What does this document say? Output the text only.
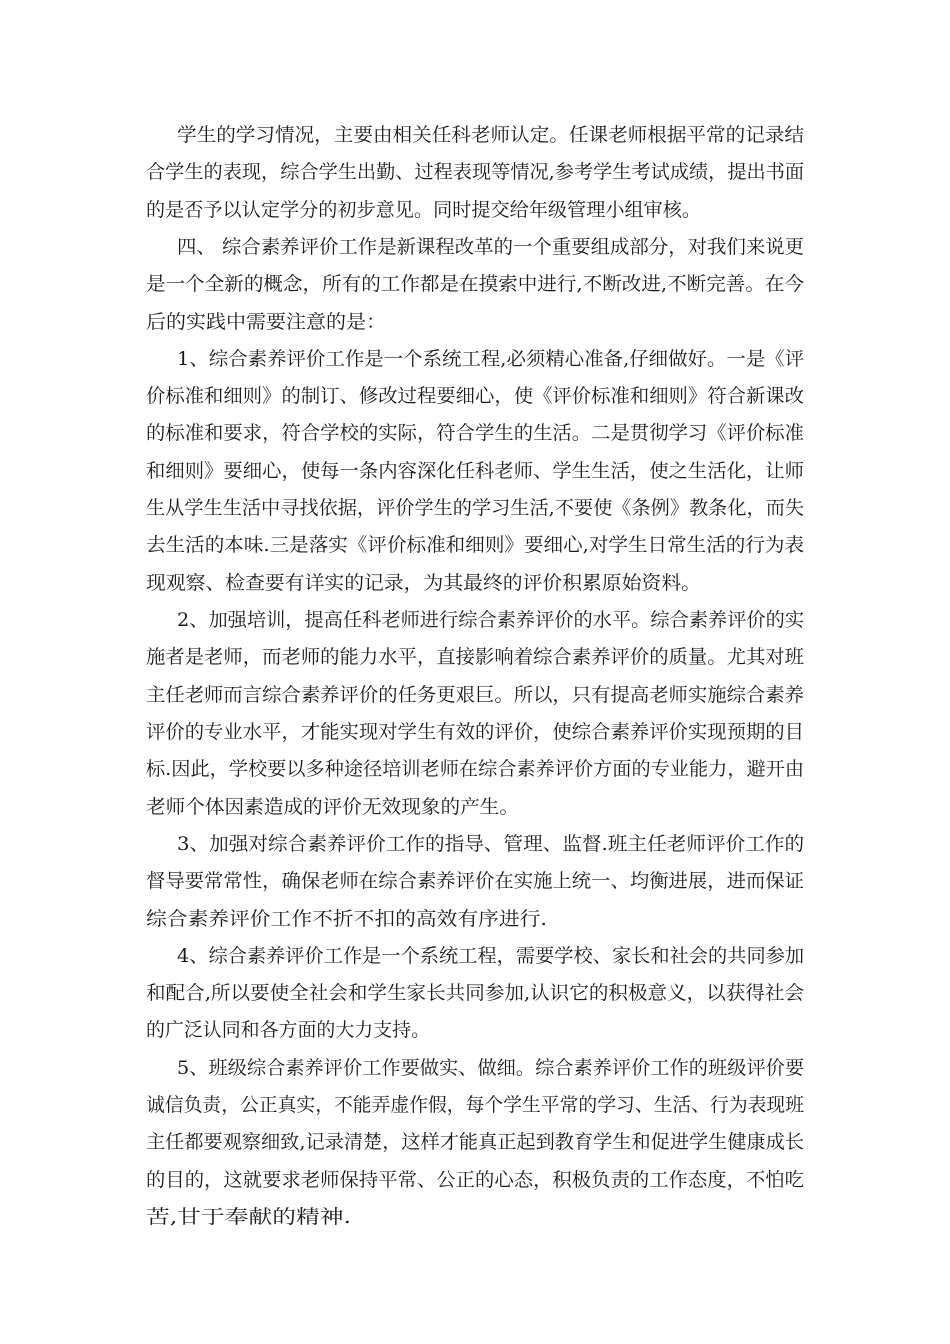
学生的学习情况，主要由相关任科老师认定。任课老师根据平常的记录结
合学生的表现，综合学生出勤、过程表现等情况,参考学生考试成绩，提出书面
的是否予以认定学分的初步意见。同时提交给年级管理小组审核。
四、 综合素养评价工作是新课程改革的一个重要组成部分，对我们来说更
是一个全新的概念，所有的工作都是在摸索中进行,不断改进,不断完善。在今
后的实践中需要注意的是：
1、综合素养评价工作是一个系统工程,必须精心准备,仔细做好。一是《评
价标准和细则》的制订、修改过程要细心，使《评价标准和细则》符合新课改
的标准和要求，符合学校的实际，符合学生的生活。二是贯彻学习《评价标准
和细则》要细心，使每一条内容深化任科老师、学生生活，使之生活化，让师
生从学生生活中寻找依据，评价学生的学习生活,不要使《条例》教条化，而失
去生活的本味.三是落实《评价标准和细则》要细心,对学生日常生活的行为表
现观察、检查要有详实的记录，为其最终的评价积累原始资料。
2、加强培训，提高任科老师进行综合素养评价的水平。综合素养评价的实
施者是老师，而老师的能力水平，直接影响着综合素养评价的质量。尤其对班
主任老师而言综合素养评价的任务更艰巨。所以，只有提高老师实施综合素养
评价的专业水平，才能实现对学生有效的评价，使综合素养评价实现预期的目
标.因此，学校要以多种途径培训老师在综合素养评价方面的专业能力，避开由
老师个体因素造成的评价无效现象的产生。
3、加强对综合素养评价工作的指导、管理、监督.班主任老师评价工作的
督导要常常性，确保老师在综合素养评价在实施上统一、均衡进展，进而保证
综合素养评价工作不折不扣的高效有序进行.
4、综合素养评价工作是一个系统工程，需要学校、家长和社会的共同参加
和配合,所以要使全社会和学生家长共同参加,认识它的积极意义，以获得社会
的广泛认同和各方面的大力支持。
5、班级综合素养评价工作要做实、做细。综合素养评价工作的班级评价要
诚信负责，公正真实，不能弄虚作假，每个学生平常的学习、生活、行为表现班
主任都要观察细致,记录清楚，这样才能真正起到教育学生和促进学生健康成长
的目的，这就要求老师保持平常、公正的心态，积极负责的工作态度，不怕吃
苦,甘于奉献的精神.
